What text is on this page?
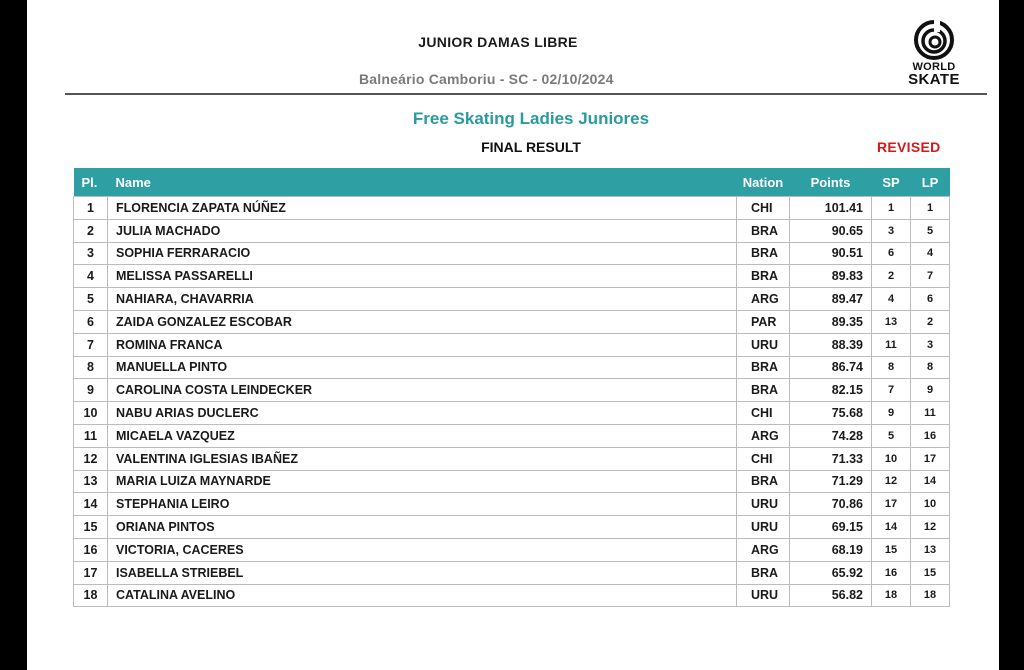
JUNIOR DAMAS LIBRE
Balneário Camboriu - SC - 02/10/2024
WORLD
SKATE
Free Skating Ladies Juniores
FINAL RESULT	REVISED
Pl.	Name	Nation	Points	SP	LP
1	FLORENCIA ZAPATA NÚÑEZ	CHI	101.41	1	1
2	JULIA MACHADO	BRA	90.65	3	5
3	SOPHIA FERRARACIO	BRA	90.51	6	4
4	MELISSA PASSARELLI	BRA	89.83	2	7
5	NAHIARA, CHAVARRIA	ARG	89.47	4	6
6	ZAIDA GONZALEZ ESCOBAR	PAR	89.35	13	2
7	ROMINA FRANCA	URU	88.39	11	3
8	MANUELLA PINTO	BRA	86.74	8	8
9	CAROLINA COSTA LEINDECKER	BRA	82.15	7	9
10	NABU ARIAS DUCLERC	CHI	75.68	9	11
11	MICAELA VAZQUEZ	ARG	74.28	5	16
12	VALENTINA IGLESIAS IBAÑEZ	CHI	71.33	10	17
13	MARIA LUIZA MAYNARDE	BRA	71.29	12	14
14	STEPHANIA LEIRO	URU	70.86	17	10
15	ORIANA PINTOS	URU	69.15	14	12
16	VICTORIA, CACERES	ARG	68.19	15	13
17	ISABELLA STRIEBEL	BRA	65.92	16	15
18	CATALINA AVELINO	URU	56.82	18	18
